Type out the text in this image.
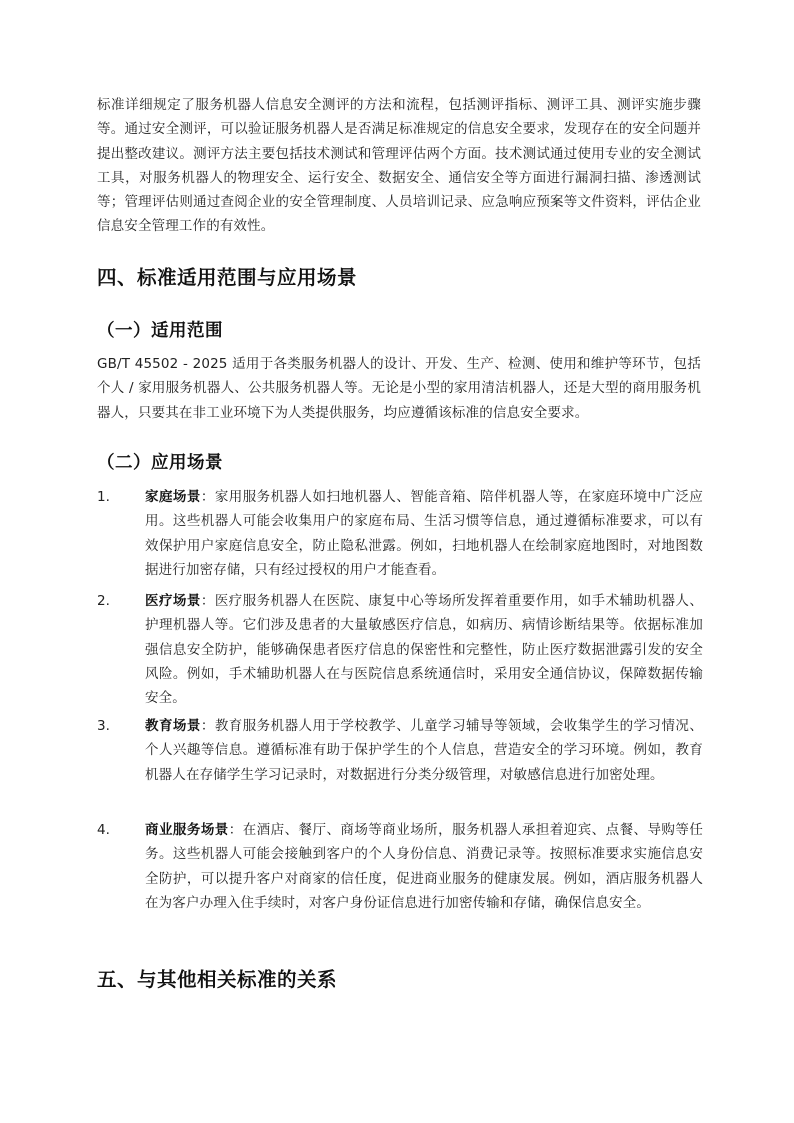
标准详细规定了服务机器人信息安全测评的方法和流程，包括测评指标、测评工具、测评实施步骤等。通过安全测评，可以验证服务机器人是否满足标准规定的信息安全要求，发现存在的安全问题并提出整改建议。测评方法主要包括技术测试和管理评估两个方面。技术测试通过使用专业的安全测试工具，对服务机器人的物理安全、运行安全、数据安全、通信安全等方面进行漏洞扫描、渗透测试等；管理评估则通过查阅企业的安全管理制度、人员培训记录、应急响应预案等文件资料，评估企业信息安全管理工作的有效性。

四、标准适用范围与应用场景
（一）适用范围

GB/T 45502 - 2025 适用于各类服务机器人的设计、开发、生产、检测、使用和维护等环节，包括个人 / 家用服务机器人、公共服务机器人等。无论是小型的家用清洁机器人，还是大型的商用服务机器人，只要其在非工业环境下为人类提供服务，均应遵循该标准的信息安全要求。

（二）应用场景
1.	家庭场景：家用服务机器人如扫地机器人、智能音箱、陪伴机器人等，在家庭环境中广泛应用。这些机器人可能会收集用户的家庭布局、生活习惯等信息，通过遵循标准要求，可以有效保护用户家庭信息安全，防止隐私泄露。例如，扫地机器人在绘制家庭地图时，对地图数据进行加密存储，只有经过授权的用户才能查看。

2.	医疗场景：医疗服务机器人在医院、康复中心等场所发挥着重要作用，如手术辅助机器人、护理机器人等。它们涉及患者的大量敏感医疗信息，如病历、病情诊断结果等。依据标准加强信息安全防护，能够确保患者医疗信息的保密性和完整性，防止医疗数据泄露引发的安全风险。例如，手术辅助机器人在与医院信息系统通信时，采用安全通信协议，保障数据传输安全。

3.	教育场景：教育服务机器人用于学校教学、儿童学习辅导等领域，会收集学生的学习情况、个人兴趣等信息。遵循标准有助于保护学生的个人信息，营造安全的学习环境。例如，教育机器人在存储学生学习记录时，对数据进行分类分级管理，对敏感信息进行加密处理。

4.	商业服务场景：在酒店、餐厅、商场等商业场所，服务机器人承担着迎宾、点餐、导购等任务。这些机器人可能会接触到客户的个人身份信息、消费记录等。按照标准要求实施信息安全防护，可以提升客户对商家的信任度，促进商业服务的健康发展。例如，酒店服务机器人在为客户办理入住手续时，对客户身份证信息进行加密传输和存储，确保信息安全。

五、与其他相关标准的关系
